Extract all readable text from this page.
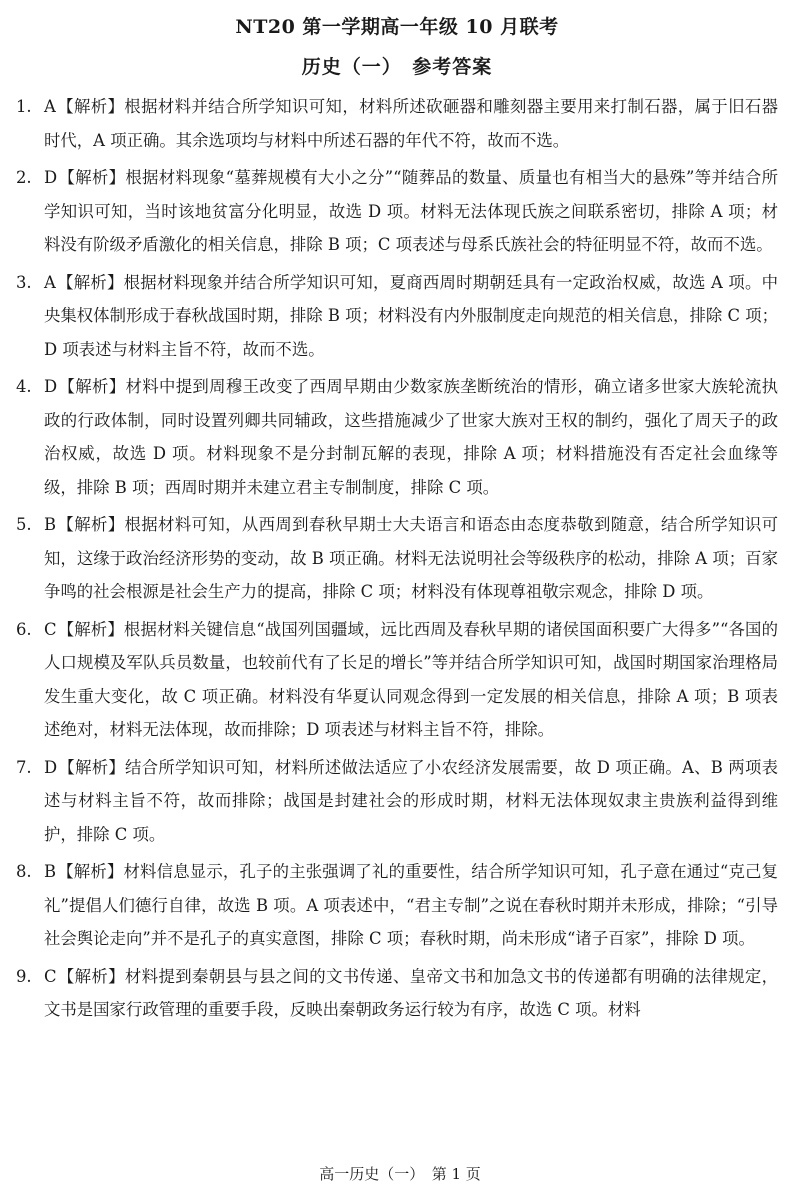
NT20 第一学期高一年级 10 月联考
历史（一）　参考答案
1. A【解析】根据材料并结合所学知识可知，材料所述砍砸器和雕刻器主要用来打制石器，属于旧石器时代，A 项正确。其余选项均与材料中所述石器的年代不符，故而不选。
2. D【解析】根据材料现象“墓葬规模有大小之分”“随葬品的数量、质量也有相当大的悬殊”等并结合所学知识可知，当时该地贫富分化明显，故选 D 项。材料无法体现氏族之间联系密切，排除 A 项；材料没有阶级矛盾激化的相关信息，排除 B 项；C 项表述与母系氏族社会的特征明显不符，故而不选。
3. A【解析】根据材料现象并结合所学知识可知，夏商西周时期朝廷具有一定政治权威，故选 A 项。中央集权体制形成于春秋战国时期，排除 B 项；材料没有内外服制度走向规范的相关信息，排除 C 项；D 项表述与材料主旨不符，故而不选。
4. D【解析】材料中提到周穆王改变了西周早期由少数家族垄断统治的情形，确立诸多世家大族轮流执政的行政体制，同时设置列卿共同辅政，这些措施减少了世家大族对王权的制约，强化了周天子的政治权威，故选 D 项。材料现象不是分封制瓦解的表现，排除 A 项；材料措施没有否定社会血缘等级，排除 B 项；西周时期并未建立君主专制制度，排除 C 项。
5. B【解析】根据材料可知，从西周到春秋早期士大夫语言和语态由态度恭敬到随意，结合所学知识可知，这缘于政治经济形势的变动，故 B 项正确。材料无法说明社会等级秩序的松动，排除 A 项；百家争鸣的社会根源是社会生产力的提高，排除 C 项；材料没有体现尊祖敬宗观念，排除 D 项。
6. C【解析】根据材料关键信息“战国列国疆域，远比西周及春秋早期的诸侯国面积要广大得多”“各国的人口规模及军队兵员数量，也较前代有了长足的增长”等并结合所学知识可知，战国时期国家治理格局发生重大变化，故 C 项正确。材料没有华夏认同观念得到一定发展的相关信息，排除 A 项；B 项表述绝对，材料无法体现，故而排除；D 项表述与材料主旨不符，排除。
7. D【解析】结合所学知识可知，材料所述做法适应了小农经济发展需要，故 D 项正确。A、B 两项表述与材料主旨不符，故而排除；战国是封建社会的形成时期，材料无法体现奴隶主贵族利益得到维护，排除 C 项。
8. B【解析】材料信息显示，孔子的主张强调了礼的重要性，结合所学知识可知，孔子意在通过“克己复礼”提倡人们德行自律，故选 B 项。A 项表述中，“君主专制”之说在春秋时期并未形成，排除；“引导社会舆论走向”并不是孔子的真实意图，排除 C 项；春秋时期，尚未形成“诸子百家”，排除 D 项。
9. C【解析】材料提到秦朝县与县之间的文书传递、皇帝文书和加急文书的传递都有明确的法律规定，文书是国家行政管理的重要手段，反映出秦朝政务运行较为有序，故选 C 项。材料
高一历史（一）　第 1 页
